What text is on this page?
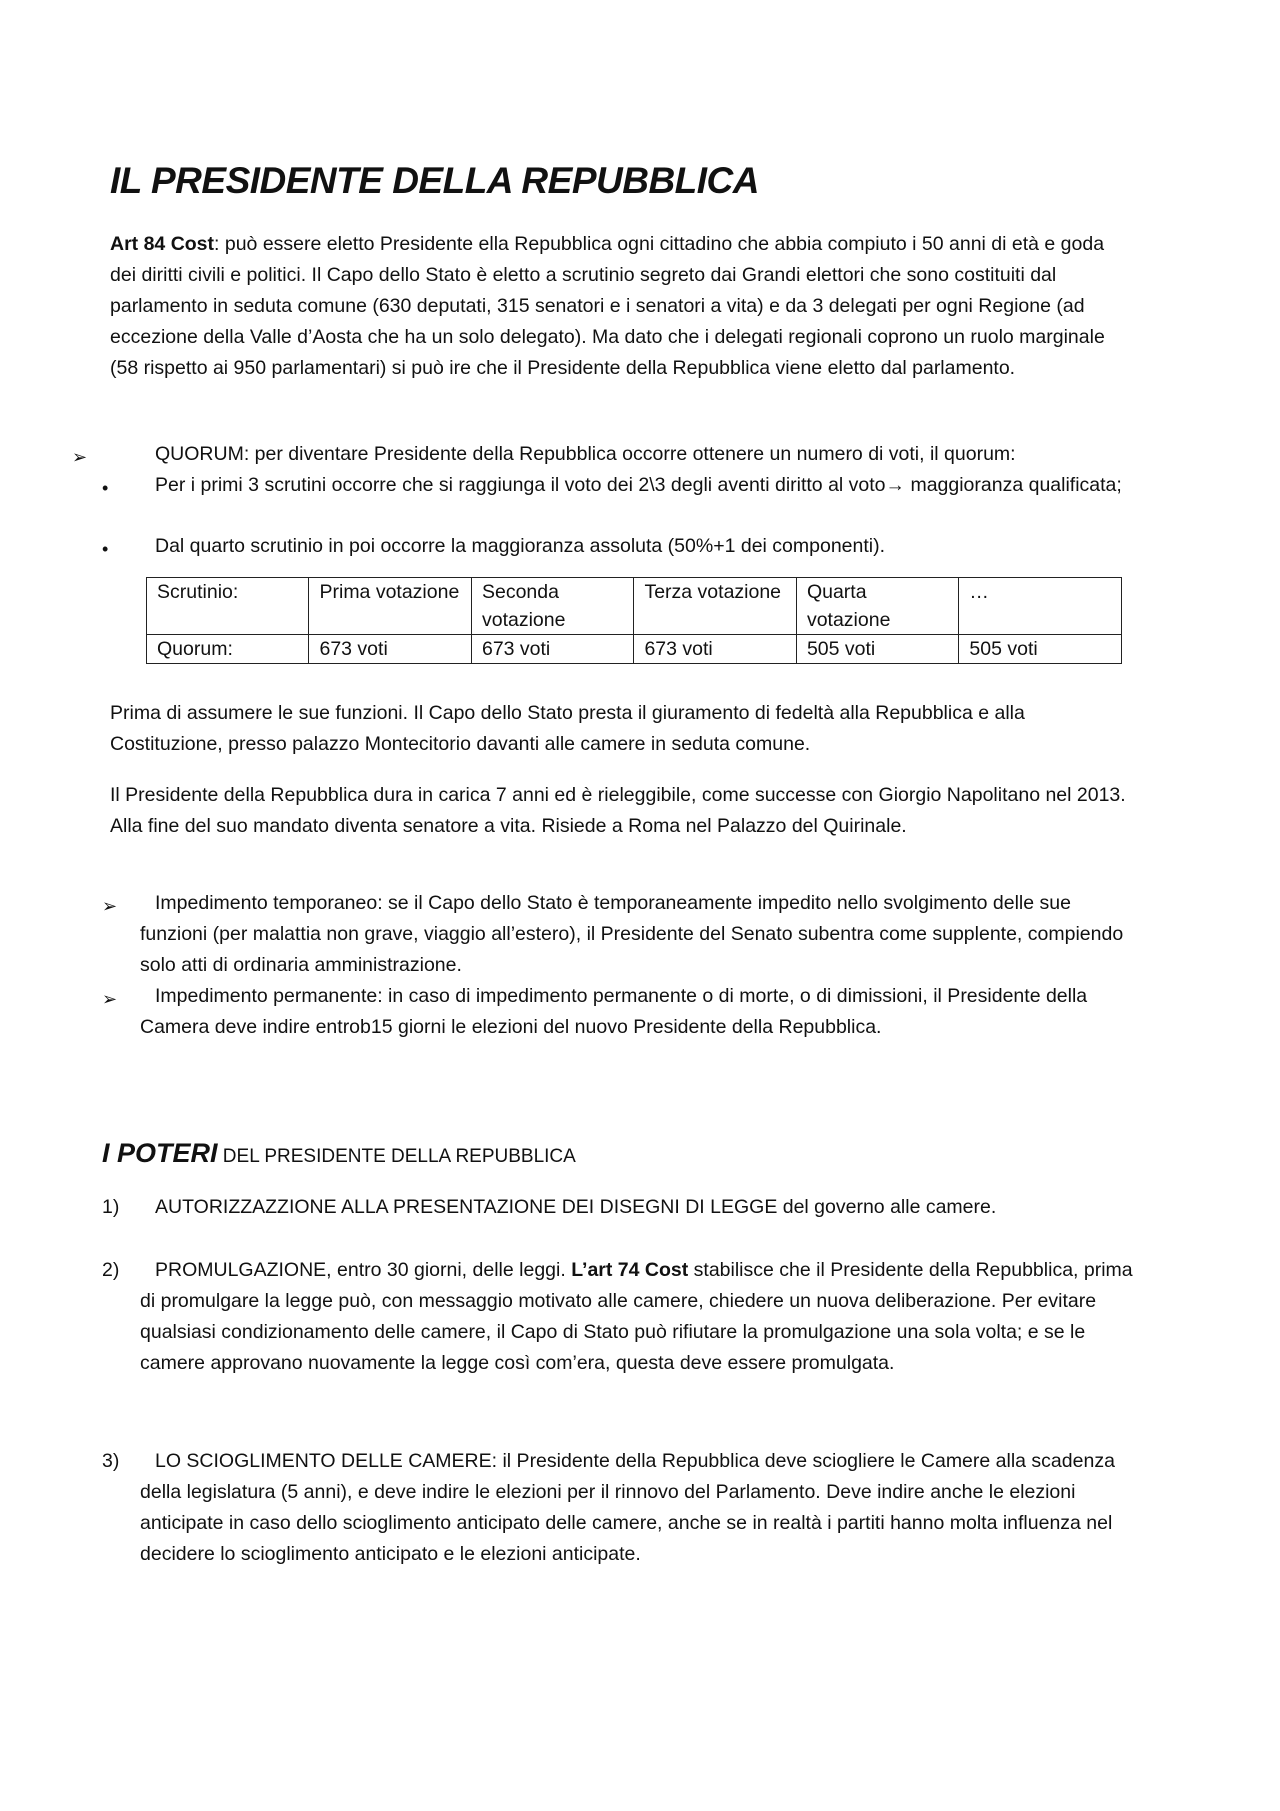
IL PRESIDENTE DELLA REPUBBLICA

Art 84 Cost: può essere eletto Presidente ella Repubblica ogni cittadino che abbia compiuto i 50 anni di età e goda dei diritti civili e politici. Il Capo dello Stato è eletto a scrutinio segreto dai Grandi elettori che sono costituiti dal parlamento in seduta comune (630 deputati, 315 senatori e i senatori a vita) e da 3 delegati per ogni Regione (ad eccezione della Valle d’Aosta che ha un solo delegato). Ma dato che i delegati regionali coprono un ruolo marginale (58 rispetto ai 950 parlamentari) si può ire che il Presidente della Repubblica viene eletto dal parlamento.

➢	QUORUM: per diventare Presidente della Repubblica occorre ottenere un numero di voti, il quorum:

•	Per i primi 3 scrutini occorre che si raggiunga il voto dei 2\3 degli aventi diritto al voto→ maggioranza qualificata;

• Dal quarto scrutinio in poi occorre la maggioranza assoluta (50%+1 dei componenti).

Scrutinio:	Prima votazione	Seconda votazione	Terza votazione	Quarta votazione	…
Quorum:	673 voti	673 voti	673 voti	505 voti	505 voti

Prima di assumere le sue funzioni. Il Capo dello Stato presta il giuramento di fedeltà alla Repubblica e alla Costituzione, presso palazzo Montecitorio davanti alle camere in seduta comune.

Il Presidente della Repubblica dura in carica 7 anni ed è rieleggibile, come successe con Giorgio Napolitano nel 2013. Alla fine del suo mandato diventa senatore a vita. Risiede a Roma nel Palazzo del Quirinale.

➢	Impedimento temporaneo: se il Capo dello Stato è temporaneamente impedito nello svolgimento delle sue funzioni (per malattia non grave, viaggio all’estero), il Presidente del Senato subentra come supplente, compiendo solo atti di ordinaria amministrazione.

➢	Impedimento permanente: in caso di impedimento permanente o di morte, o di dimissioni, il Presidente della Camera deve indire entrob15 giorni le elezioni del nuovo Presidente della Repubblica.

I POTERI DEL PRESIDENTE DELLA REPUBBLICA
1) AUTORIZZAZZIONE ALLA PRESENTAZIONE DEI DISEGNI DI LEGGE del governo alle camere.

2)	PROMULGAZIONE, entro 30 giorni, delle leggi. L’art 74 Cost stabilisce che il Presidente della Repubblica, prima di promulgare la legge può, con messaggio motivato alle camere, chiedere un nuova deliberazione. Per evitare qualsiasi condizionamento delle camere, il Capo di Stato può rifiutare la promulgazione una sola volta; e se le camere approvano nuovamente la legge così com’era, questa deve essere promulgata.

3)	LO SCIOGLIMENTO DELLE CAMERE: il Presidente della Repubblica deve sciogliere le Camere alla scadenza della legislatura (5 anni), e deve indire le elezioni per il rinnovo del Parlamento. Deve indire anche le elezioni anticipate in caso dello scioglimento anticipato delle camere, anche se in realtà i partiti hanno molta influenza nel decidere lo scioglimento anticipato e le elezioni anticipate.
